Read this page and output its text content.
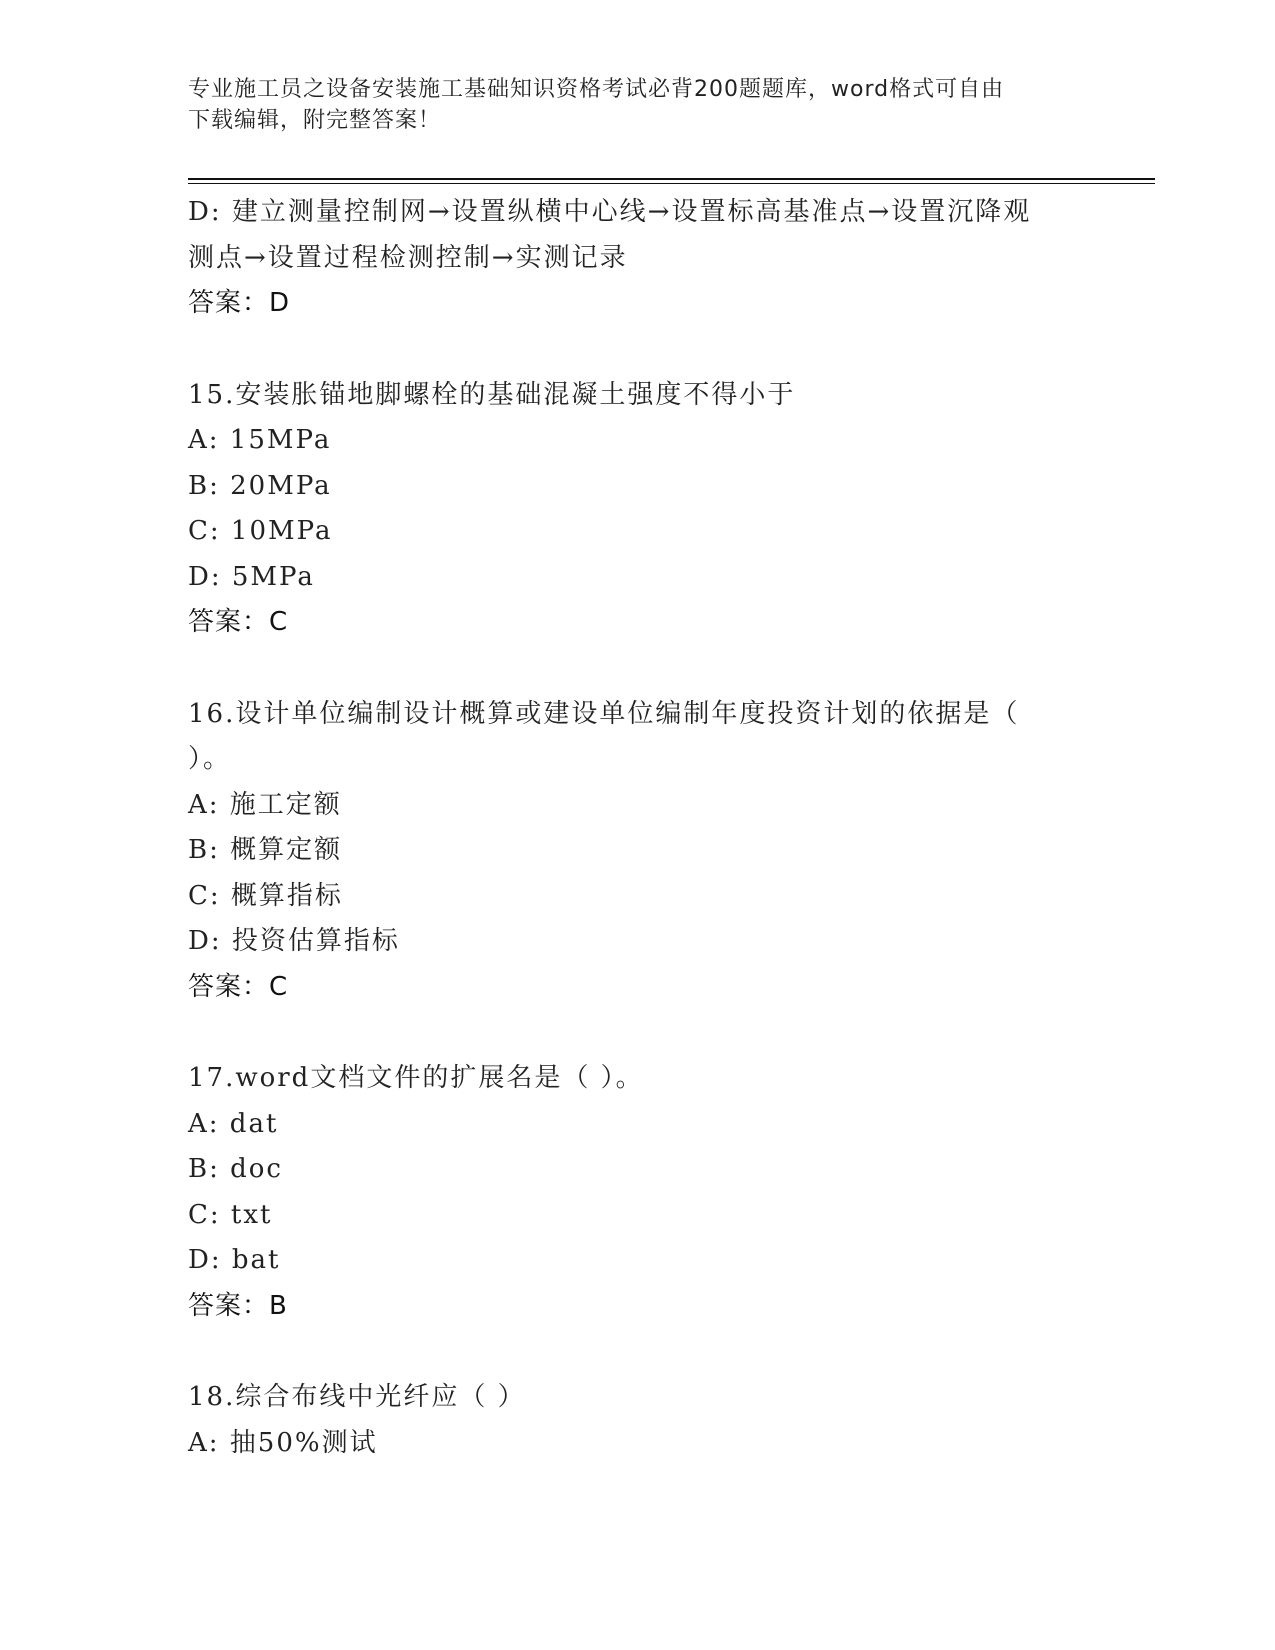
专业施工员之设备安装施工基础知识资格考试必背200题题库，word格式可自由
下载编辑，附完整答案！
D: 建立测量控制网→设置纵横中心线→设置标高基准点→设置沉降观
测点→设置过程检测控制→实测记录
答案：D
15.安装胀锚地脚螺栓的基础混凝土强度不得小于
A: 15MPa
B: 20MPa
C: 10MPa
D: 5MPa
答案：C
16.设计单位编制设计概算或建设单位编制年度投资计划的依据是（
）。
A: 施工定额
B: 概算定额
C: 概算指标
D: 投资估算指标
答案：C
17.word文档文件的扩展名是（ ）。
A: dat
B: doc
C: txt
D: bat
答案：B
18.综合布线中光纤应（ ）
A: 抽50%测试
